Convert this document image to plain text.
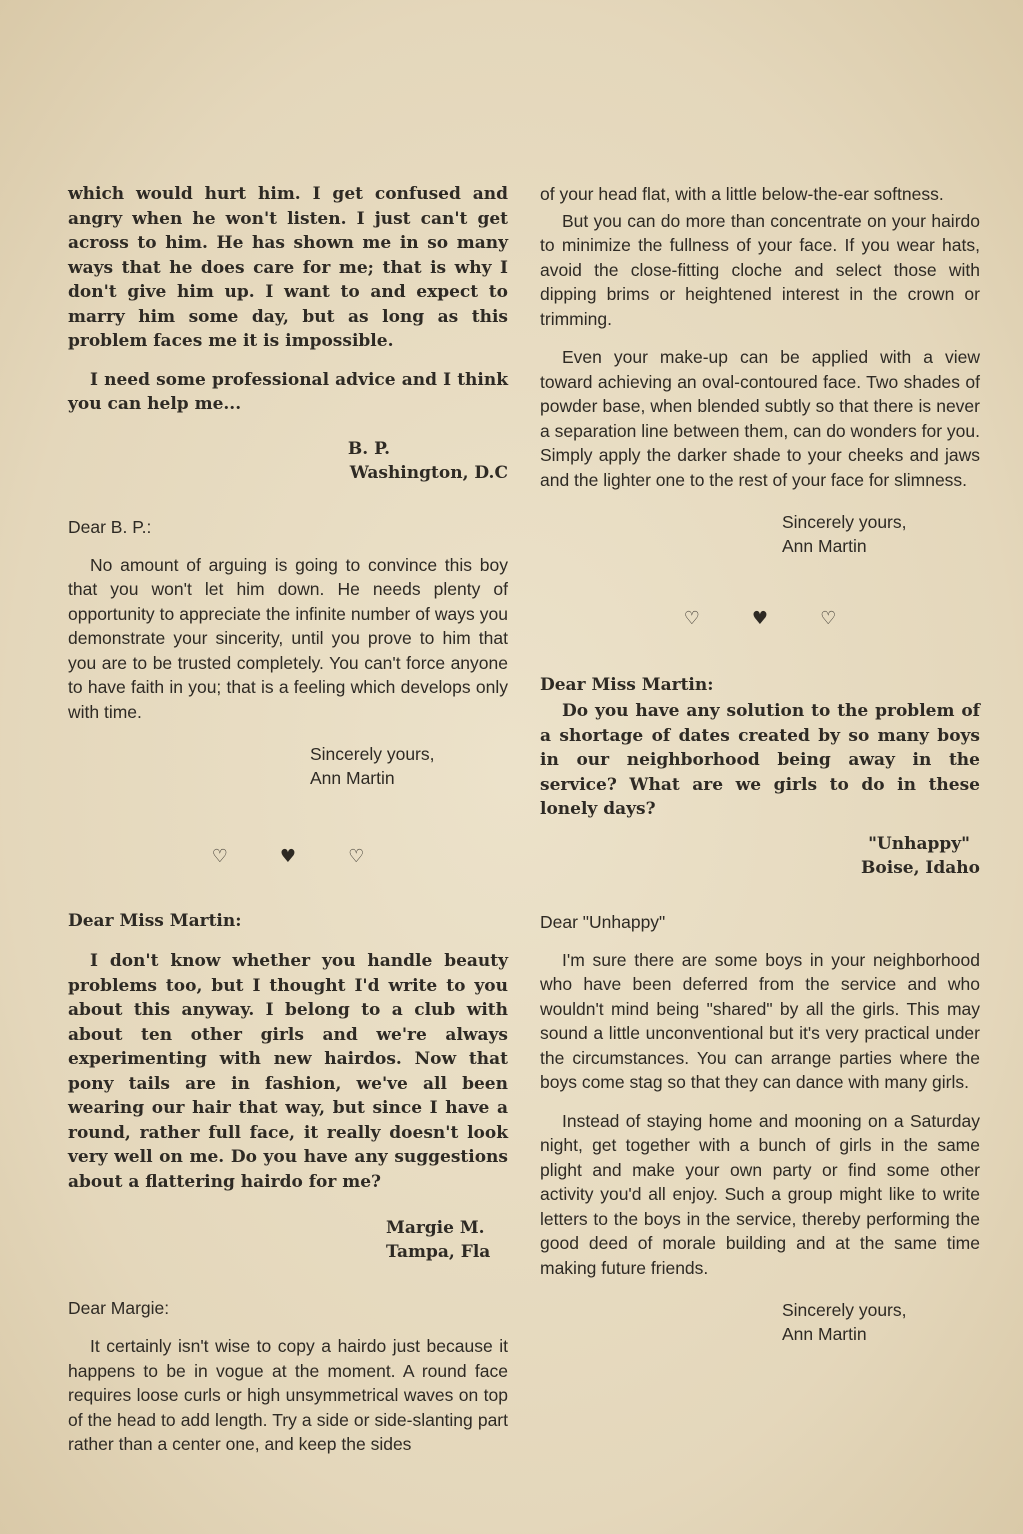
which would hurt him. I get confused and angry when he won't listen. I just can't get across to him. He has shown me in so many ways that he does care for me; that is why I don't give him up. I want to and expect to marry him some day, but as long as this problem faces me it is impossible.

I need some professional advice and I think you can help me...

B. P.
Washington, D.C

Dear B. P.:

No amount of arguing is going to convince this boy that you won't let him down. He needs plenty of opportunity to appreciate the infinite number of ways you demonstrate your sincerity, until you prove to him that you are to be trusted completely. You can't force anyone to have faith in you; that is a feeling which develops only with time.

Sincerely yours,
Ann Martin
♡	♥	♡

Dear Miss Martin:

I don't know whether you handle beauty problems too, but I thought I'd write to you about this anyway. I belong to a club with about ten other girls and we're always experimenting with new hairdos. Now that pony tails are in fashion, we've all been wearing our hair that way, but since I have a round, rather full face, it really doesn't look very well on me. Do you have any suggestions about a flattering hairdo for me?

Margie M.
Tampa, Fla

Dear Margie:

It certainly isn't wise to copy a hairdo just because it happens to be in vogue at the moment. A round face requires loose curls or high unsymmetrical waves on top of the head to add length. Try a side or side-slanting part rather than a center one, and keep the sides

of your head flat, with a little below-the-ear softness.

But you can do more than concentrate on your hairdo to minimize the fullness of your face. If you wear hats, avoid the close-fitting cloche and select those with dipping brims or heightened interest in the crown or trimming.

Even your make-up can be applied with a view toward achieving an oval-contoured face. Two shades of powder base, when blended subtly so that there is never a separation line between them, can do wonders for you. Simply apply the darker shade to your cheeks and jaws and the lighter one to the rest of your face for slimness.

Sincerely yours,
Ann Martin
♡	♥	♡

Dear Miss Martin:

Do you have any solution to the problem of a shortage of dates created by so many boys in our neighborhood being away in the service? What are we girls to do in these lonely days?

"Unhappy"
Boise, Idaho

Dear "Unhappy"

I'm sure there are some boys in your neighborhood who have been deferred from the service and who wouldn't mind being "shared" by all the girls. This may sound a little unconventional but it's very practical under the circumstances. You can arrange parties where the boys come stag so that they can dance with many girls.

Instead of staying home and mooning on a Saturday night, get together with a bunch of girls in the same plight and make your own party or find some other activity you'd all enjoy. Such a group might like to write letters to the boys in the service, thereby performing the good deed of morale building and at the same time making future friends.

Sincerely yours,
Ann Martin
